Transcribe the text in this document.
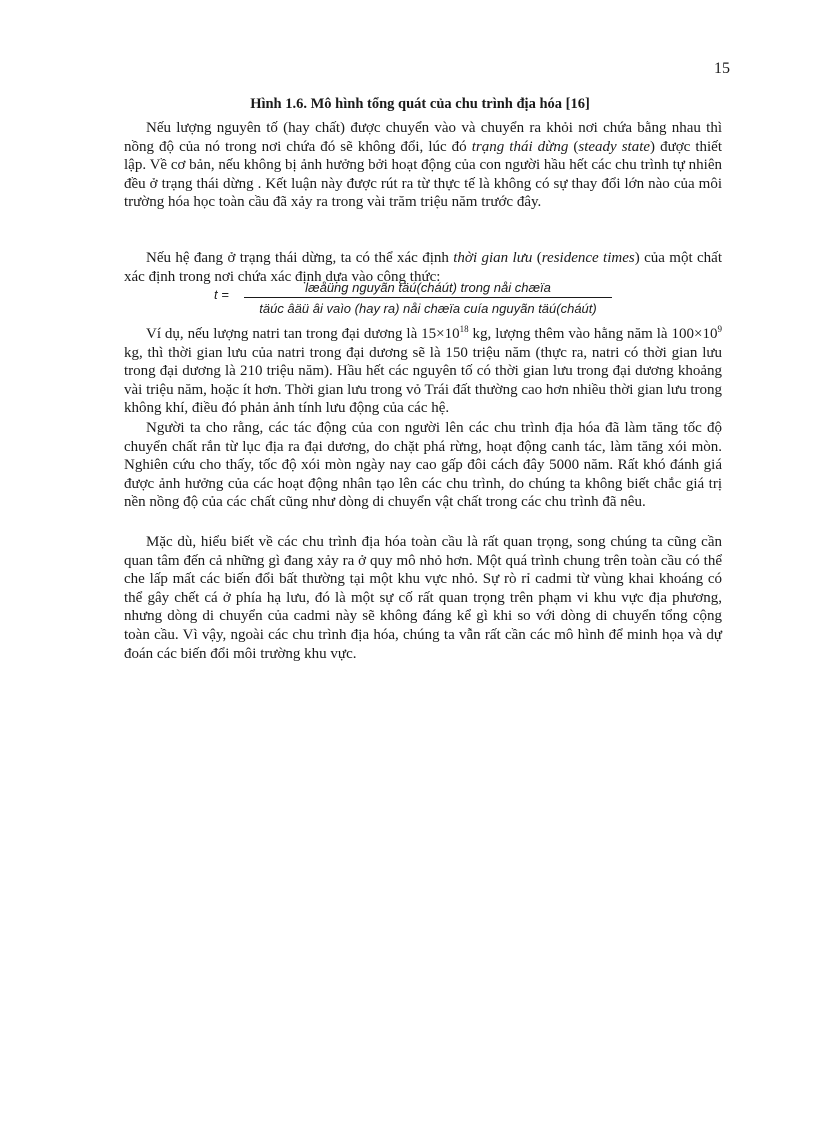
15
Hình 1.6. Mô hình tổng quát của chu trình địa hóa [16]

Nếu lượng nguyên tố (hay chất) được chuyển vào và chuyển ra khỏi nơi chứa bằng nhau thì nồng độ của nó trong nơi chứa đó sẽ không đổi, lúc đó trạng thái dừng (steady state) được thiết lập. Về cơ bản, nếu không bị ảnh hưởng bởi hoạt động của con người hầu hết các chu trình tự nhiên đều ở trạng thái dừng . Kết luận này được rút ra từ thực tế là không có sự thay đổi lớn nào của môi trường hóa học toàn cầu đã xảy ra trong vài trăm triệu năm trước đây.

Nếu hệ đang ở trạng thái dừng, ta có thể xác định thời gian lưu (residence times) của một chất xác định trong nơi chứa xác định dựa vào công thức:

t =	læåüng nguyãn täú(cháút) trong nåi chæïa
täúc âäü âi vaìo (hay ra) nåi chæïa cuía nguyãn täú(cháút)

Ví dụ, nếu lượng natri tan trong đại dương là $15\times 10^{18}$ kg, lượng thêm vào hằng năm là $100\times 10^9$ kg, thì thời gian lưu của natri trong đại dương sẽ là 150 triệu năm (thực ra, natri có thời gian lưu trong đại dương là 210 triệu năm). Hầu hết các nguyên tố có thời gian lưu trong đại dương khoảng vài triệu năm, hoặc ít hơn. Thời gian lưu trong vỏ Trái đất thường cao hơn nhiều thời gian lưu trong không khí, điều đó phản ảnh tính lưu động của các hệ.

Người ta cho rằng, các tác động của con người lên các chu trình địa hóa đã làm tăng tốc độ chuyển chất rắn từ lục địa ra đại dương, do chặt phá rừng, hoạt động canh tác, làm tăng xói mòn. Nghiên cứu cho thấy, tốc độ xói mòn ngày nay cao gấp đôi cách đây 5000 năm. Rất khó đánh giá được ảnh hưởng của các hoạt động nhân tạo lên các chu trình, do chúng ta không biết chắc giá trị nền nồng độ của các chất cũng như dòng di chuyển vật chất trong các chu trình đã nêu.

Mặc dù, hiểu biết về các chu trình địa hóa toàn cầu là rất quan trọng, song chúng ta cũng cần quan tâm đến cả những gì đang xảy ra ở quy mô nhỏ hơn. Một quá trình chung trên toàn cầu có thể che lấp mất các biến đổi bất thường tại một khu vực nhỏ. Sự rò rỉ cadmi từ vùng khai khoáng có thể gây chết cá ở phía hạ lưu, đó là một sự cố rất quan trọng trên phạm vi khu vực địa phương, nhưng dòng di chuyển của cadmi này sẽ không đáng kể gì khi so với dòng di chuyển tổng cộng toàn cầu. Vì vậy, ngoài các chu trình địa hóa, chúng ta vẫn rất cần các mô hình để minh họa và dự đoán các biến đổi môi trường khu vực.
